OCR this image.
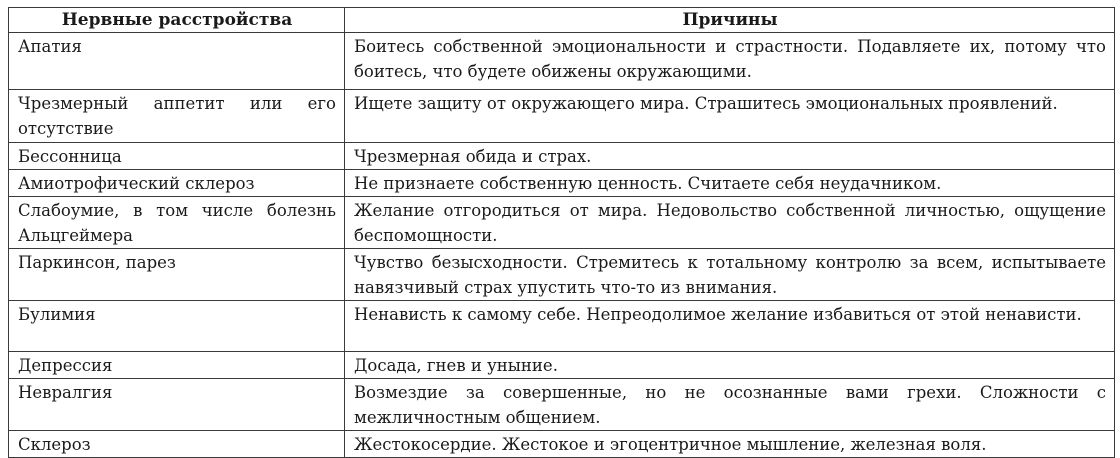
Нервные расстройства	Причины
Апатия	Боитесь собственной эмоциональности и страстности. Подавляете их, потому что боитесь, что будете обижены окружающими.
Чрезмерный аппетит или его отсутствие	Ищете защиту от окружающего мира. Страшитесь эмоциональных проявлений.
Бессонница	Чрезмерная обида и страх.
Амиотрофический склероз	Не признаете собственную ценность. Считаете себя неудачником.
Слабоумие, в том числе болезнь Альцгеймера	Желание отгородиться от мира. Недовольство собственной личностью, ощущение беспомощности.
Паркинсон, парез	Чувство безысходности. Стремитесь к тотальному контролю за всем, испытываете навязчивый страх упустить что-то из внимания.
Булимия	Ненависть к самому себе. Непреодолимое желание избавиться от этой ненависти.
Депрессия	Досада, гнев и уныние.
Невралгия	Возмездие за совершенные, но не осознанные вами грехи. Сложности с межличностным общением.
Склероз	Жестокосердие. Жестокое и эгоцентричное мышление, железная воля.
